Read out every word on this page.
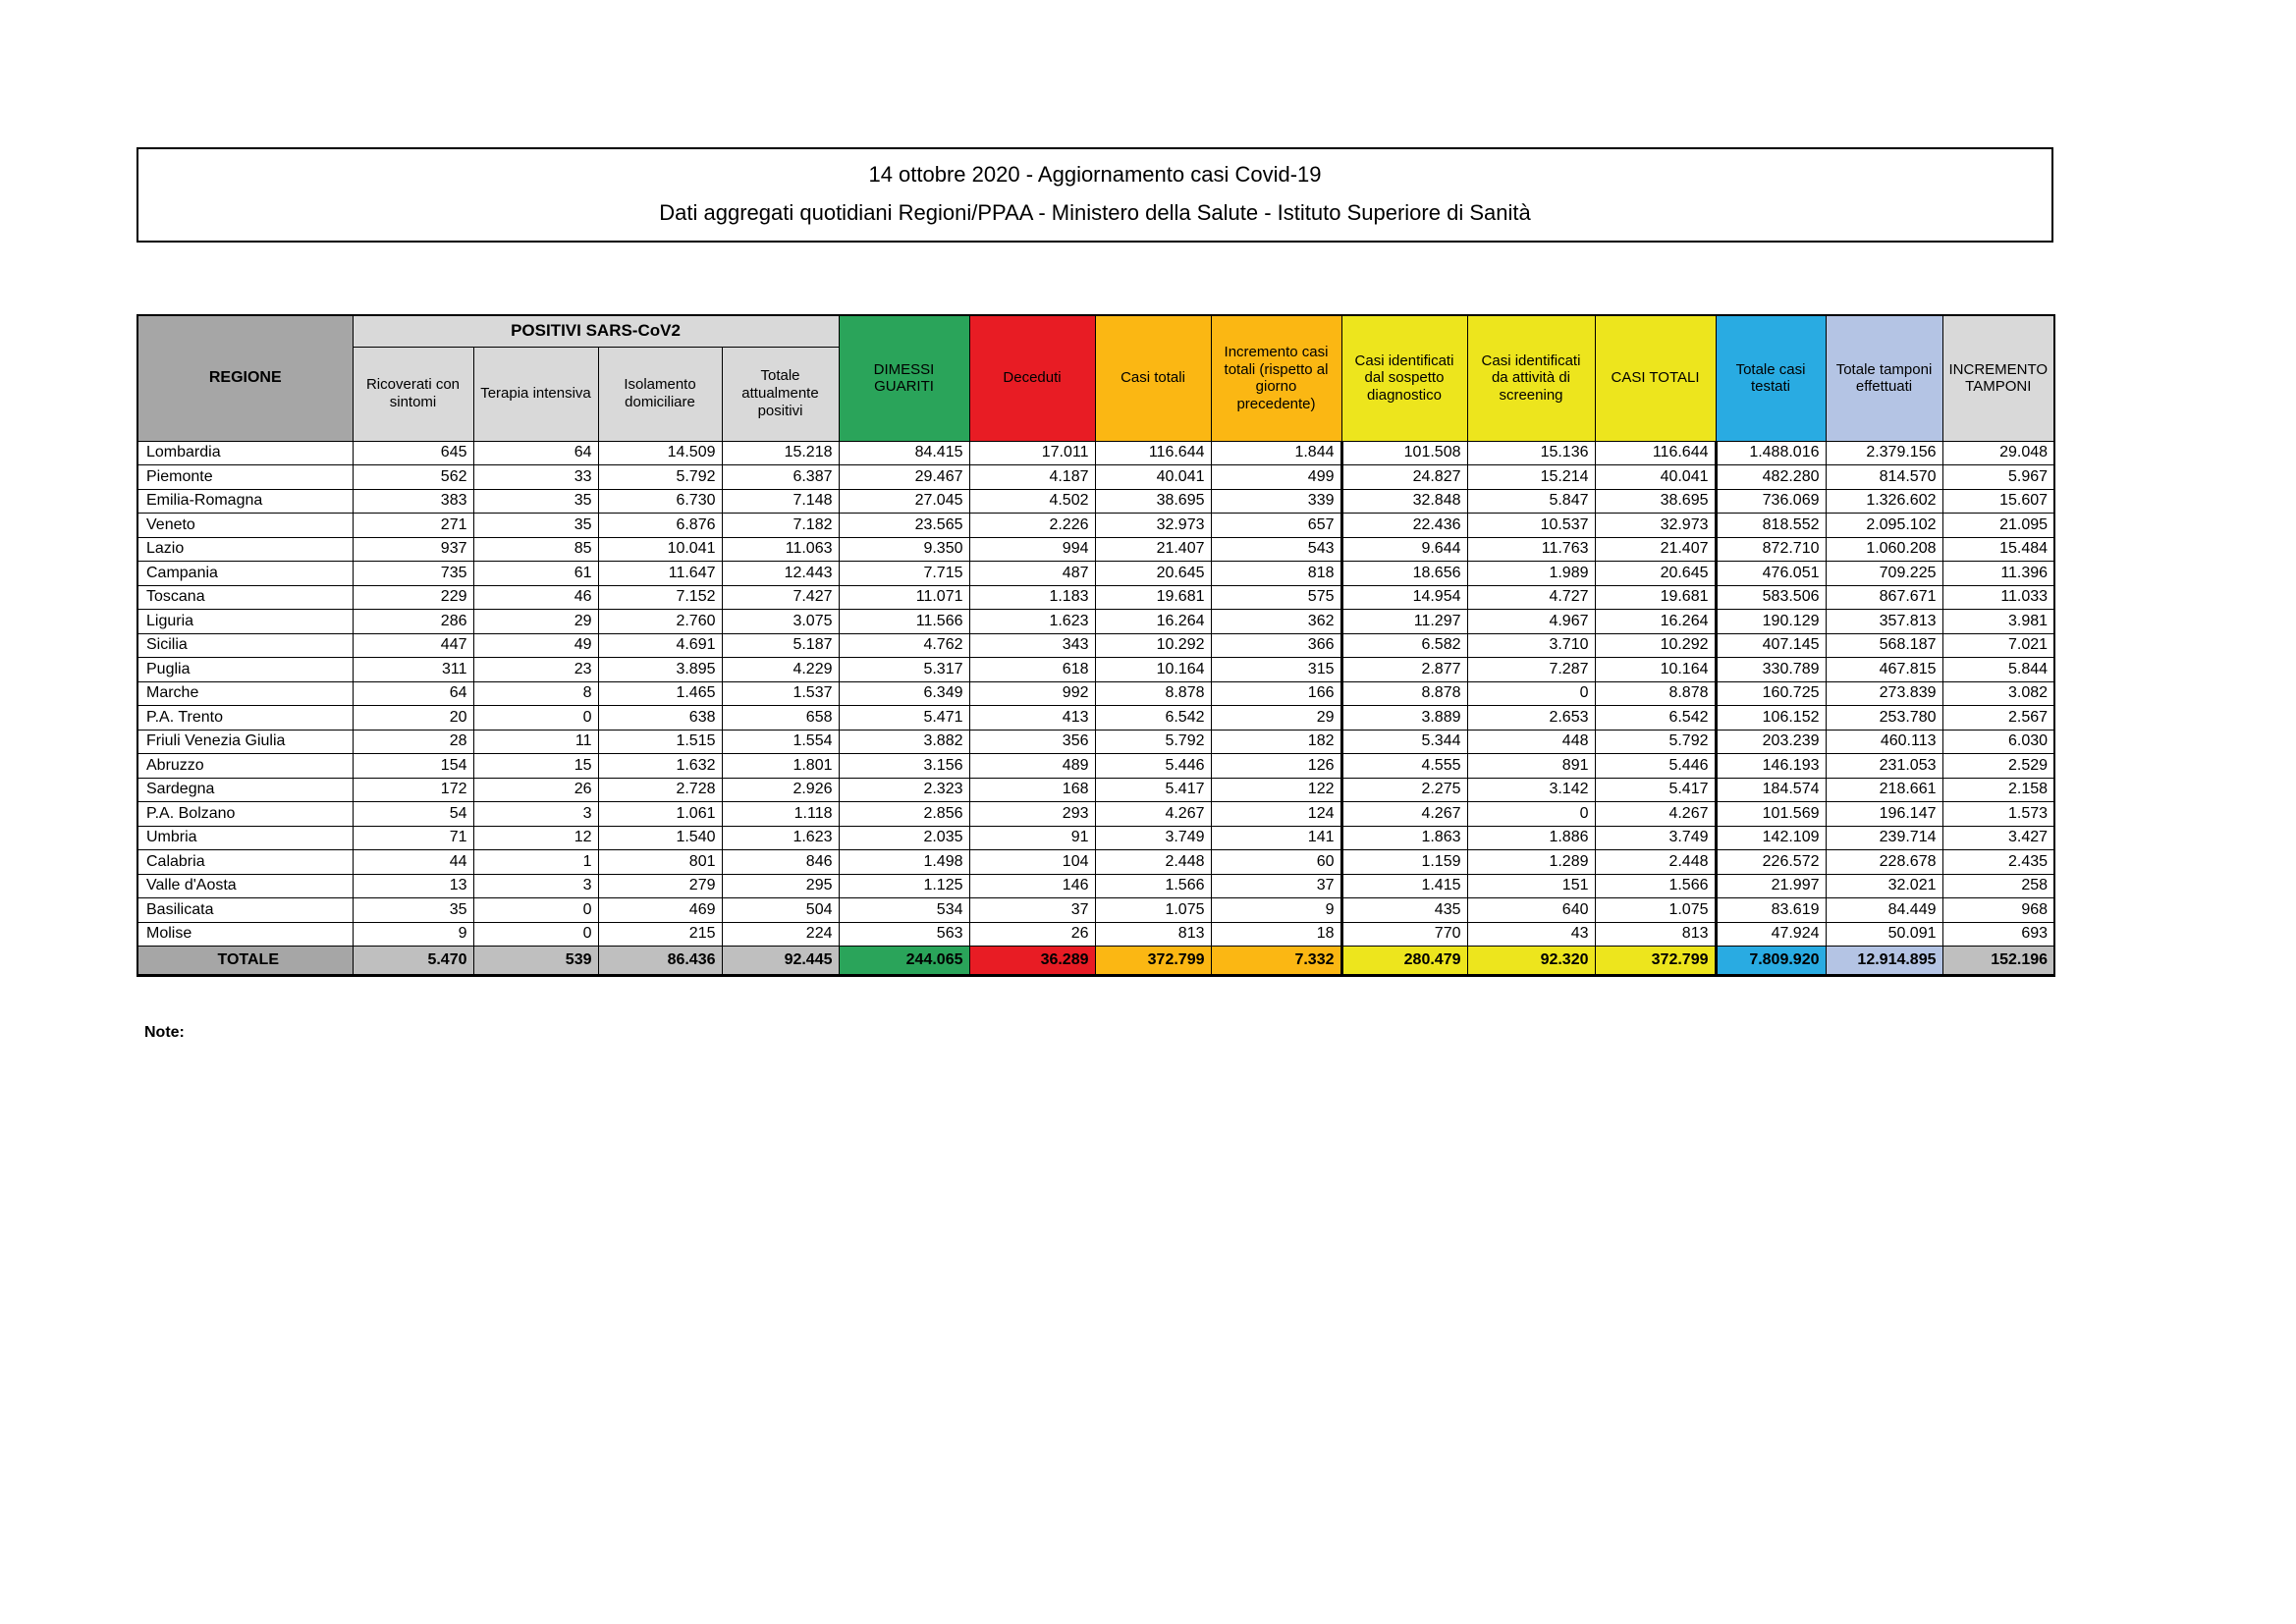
14 ottobre 2020 - Aggiornamento casi Covid-19
Dati aggregati quotidiani Regioni/PPAA - Ministero della Salute - Istituto Superiore di Sanità
REGIONE	POSITIVI SARS-CoV2				DIMESSI GUARITI	Deceduti	Casi totali	Incremento casi totali (rispetto al giorno precedente)	Casi identificati dal sospetto diagnostico	Casi identificati da attività di screening	CASI TOTALI	Totale casi testati	Totale tamponi effettuati	INCREMENTO TAMPONI
	Ricoverati con sintomi	Terapia intensiva	Isolamento domiciliare	Totale attualmente positivi										
Lombardia	645	64	14.509	15.218	84.415	17.011	116.644	1.844	101.508	15.136	116.644	1.488.016	2.379.156	29.048
Piemonte	562	33	5.792	6.387	29.467	4.187	40.041	499	24.827	15.214	40.041	482.280	814.570	5.967
Emilia-Romagna	383	35	6.730	7.148	27.045	4.502	38.695	339	32.848	5.847	38.695	736.069	1.326.602	15.607
Veneto	271	35	6.876	7.182	23.565	2.226	32.973	657	22.436	10.537	32.973	818.552	2.095.102	21.095
Lazio	937	85	10.041	11.063	9.350	994	21.407	543	9.644	11.763	21.407	872.710	1.060.208	15.484
Campania	735	61	11.647	12.443	7.715	487	20.645	818	18.656	1.989	20.645	476.051	709.225	11.396
Toscana	229	46	7.152	7.427	11.071	1.183	19.681	575	14.954	4.727	19.681	583.506	867.671	11.033
Liguria	286	29	2.760	3.075	11.566	1.623	16.264	362	11.297	4.967	16.264	190.129	357.813	3.981
Sicilia	447	49	4.691	5.187	4.762	343	10.292	366	6.582	3.710	10.292	407.145	568.187	7.021
Puglia	311	23	3.895	4.229	5.317	618	10.164	315	2.877	7.287	10.164	330.789	467.815	5.844
Marche	64	8	1.465	1.537	6.349	992	8.878	166	8.878	0	8.878	160.725	273.839	3.082
P.A. Trento	20	0	638	658	5.471	413	6.542	29	3.889	2.653	6.542	106.152	253.780	2.567
Friuli Venezia Giulia	28	11	1.515	1.554	3.882	356	5.792	182	5.344	448	5.792	203.239	460.113	6.030
Abruzzo	154	15	1.632	1.801	3.156	489	5.446	126	4.555	891	5.446	146.193	231.053	2.529
Sardegna	172	26	2.728	2.926	2.323	168	5.417	122	2.275	3.142	5.417	184.574	218.661	2.158
P.A. Bolzano	54	3	1.061	1.118	2.856	293	4.267	124	4.267	0	4.267	101.569	196.147	1.573
Umbria	71	12	1.540	1.623	2.035	91	3.749	141	1.863	1.886	3.749	142.109	239.714	3.427
Calabria	44	1	801	846	1.498	104	2.448	60	1.159	1.289	2.448	226.572	228.678	2.435
Valle d'Aosta	13	3	279	295	1.125	146	1.566	37	1.415	151	1.566	21.997	32.021	258
Basilicata	35	0	469	504	534	37	1.075	9	435	640	1.075	83.619	84.449	968
Molise	9	0	215	224	563	26	813	18	770	43	813	47.924	50.091	693
TOTALE	5.470	539	86.436	92.445	244.065	36.289	372.799	7.332	280.479	92.320	372.799	7.809.920	12.914.895	152.196
Note:
